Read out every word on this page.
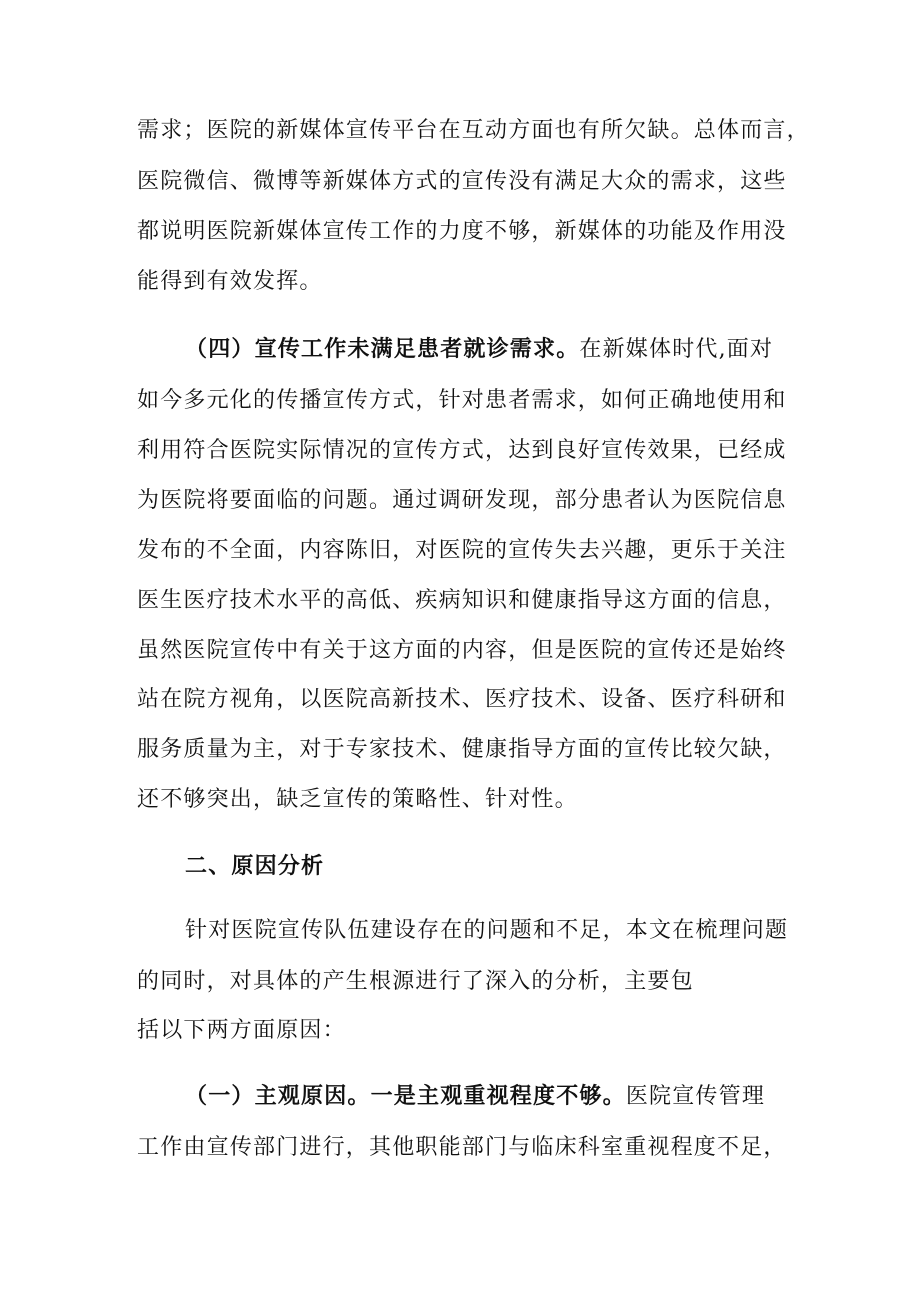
需求；医院的新媒体宣传平台在互动方面也有所欠缺。总体而言，
医院微信、微博等新媒体方式的宣传没有满足大众的需求，这些
都说明医院新媒体宣传工作的力度不够，新媒体的功能及作用没
能得到有效发挥。
（四）宣传工作未满足患者就诊需求。在新媒体时代,面对
如今多元化的传播宣传方式，针对患者需求，如何正确地使用和
利用符合医院实际情况的宣传方式，达到良好宣传效果，已经成
为医院将要面临的问题。通过调研发现，部分患者认为医院信息
发布的不全面，内容陈旧，对医院的宣传失去兴趣，更乐于关注
医生医疗技术水平的高低、疾病知识和健康指导这方面的信息，
虽然医院宣传中有关于这方面的内容，但是医院的宣传还是始终
站在院方视角，以医院高新技术、医疗技术、设备、医疗科研和
服务质量为主，对于专家技术、健康指导方面的宣传比较欠缺，
还不够突出，缺乏宣传的策略性、针对性。
二、原因分析
针对医院宣传队伍建设存在的问题和不足，本文在梳理问题
的同时，对具体的产生根源进行了深入的分析，主要包
括以下两方面原因：
（一）主观原因。一是主观重视程度不够。医院宣传管理
工作由宣传部门进行，其他职能部门与临床科室重视程度不足，
